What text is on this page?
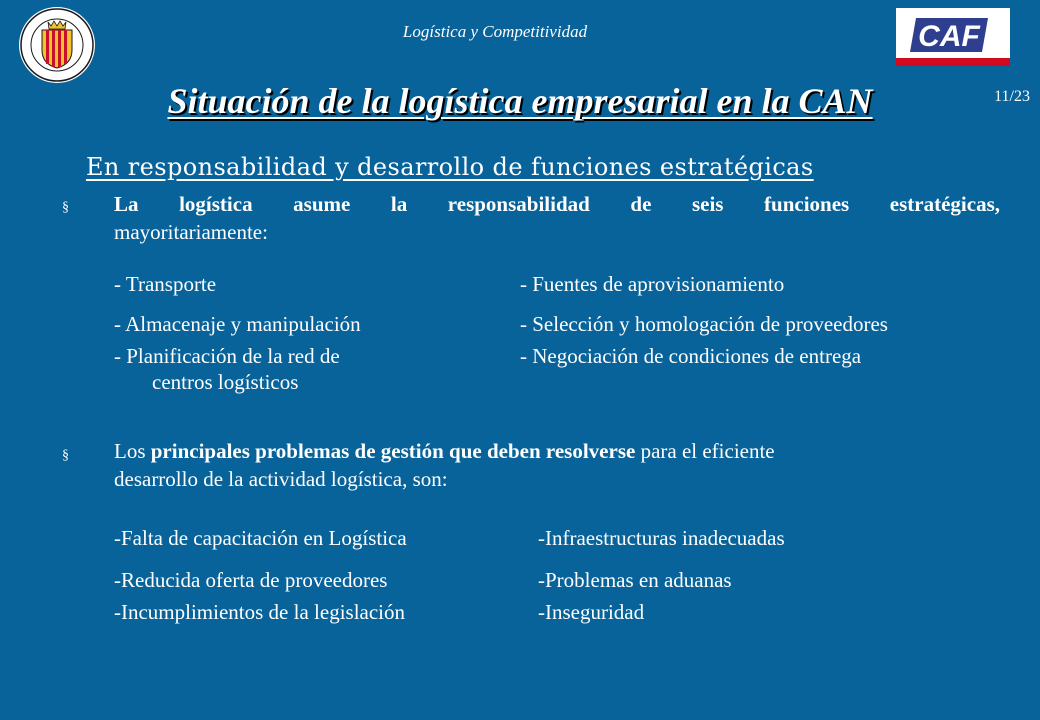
Logística y Competitividad	CAF
11/23
Situación de la logística empresarial en la CAN
En responsabilidad y desarrollo de funciones estratégicas
§ La logística asume la responsabilidad de seis funciones estratégicas,
mayoritariamente:
- Transporte
- Almacenaje y manipulación
- Planificación de la red de
centros logísticos
- Fuentes de aprovisionamiento
- Selección y homologación de proveedores
- Negociación de condiciones de entrega
§ Los principales problemas de gestión que deben resolverse para el eficiente
desarrollo de la actividad logística, son:
-Falta de capacitación en Logística
-Reducida oferta de proveedores
-Incumplimientos de la legislación
-Infraestructuras inadecuadas
-Problemas en aduanas
-Inseguridad
